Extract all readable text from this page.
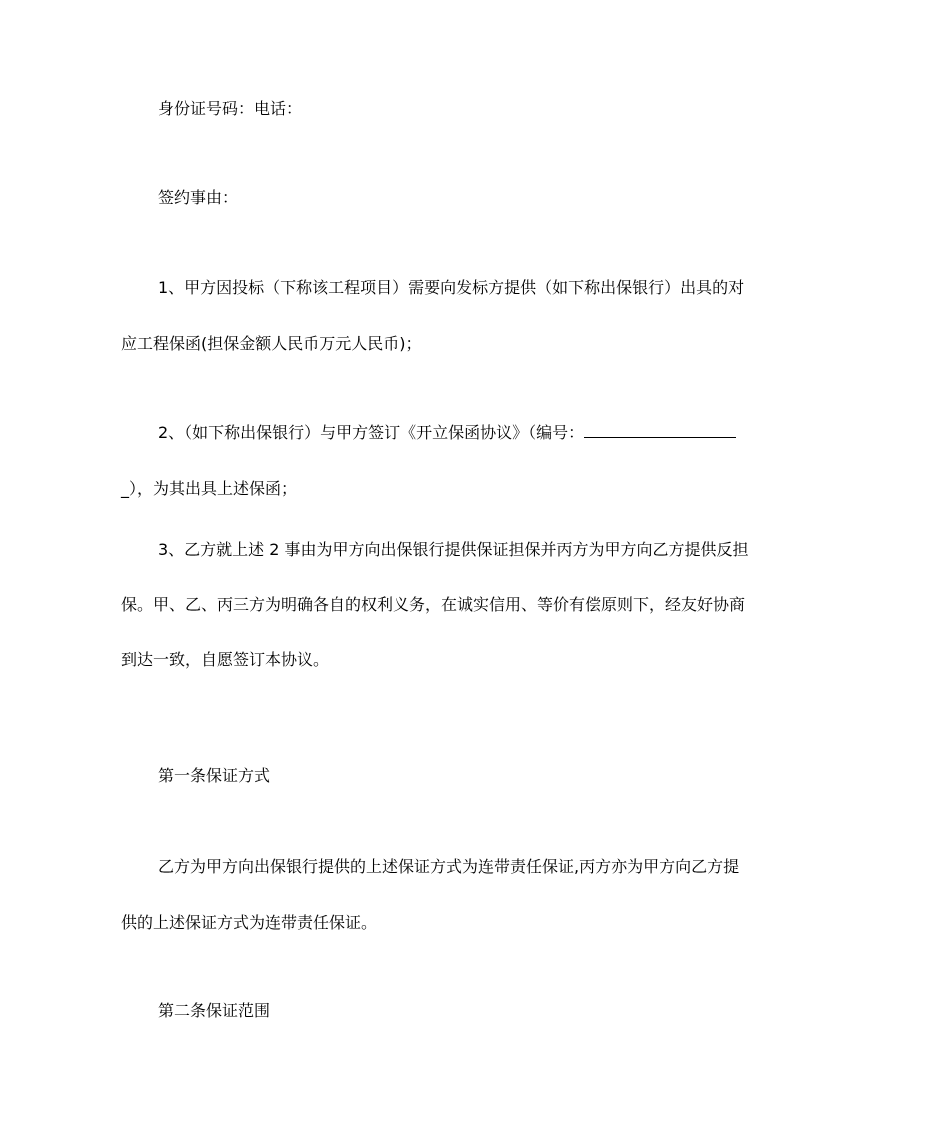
身份证号码：电话：
签约事由：
1、甲方因投标（下称该工程项目）需要向发标方提供（如下称出保银行）出具的对
应工程保函(担保金额人民币万元人民币)；
2、（如下称出保银行）与甲方签订《开立保函协议》（编号：
_），为其出具上述保函；
3、乙方就上述 2 事由为甲方向出保银行提供保证担保并丙方为甲方向乙方提供反担
保。甲、乙、丙三方为明确各自的权利义务，在诚实信用、等价有偿原则下，经友好协商
到达一致，自愿签订本协议。
第一条保证方式
乙方为甲方向出保银行提供的上述保证方式为连带责任保证,丙方亦为甲方向乙方提
供的上述保证方式为连带责任保证。
第二条保证范围
